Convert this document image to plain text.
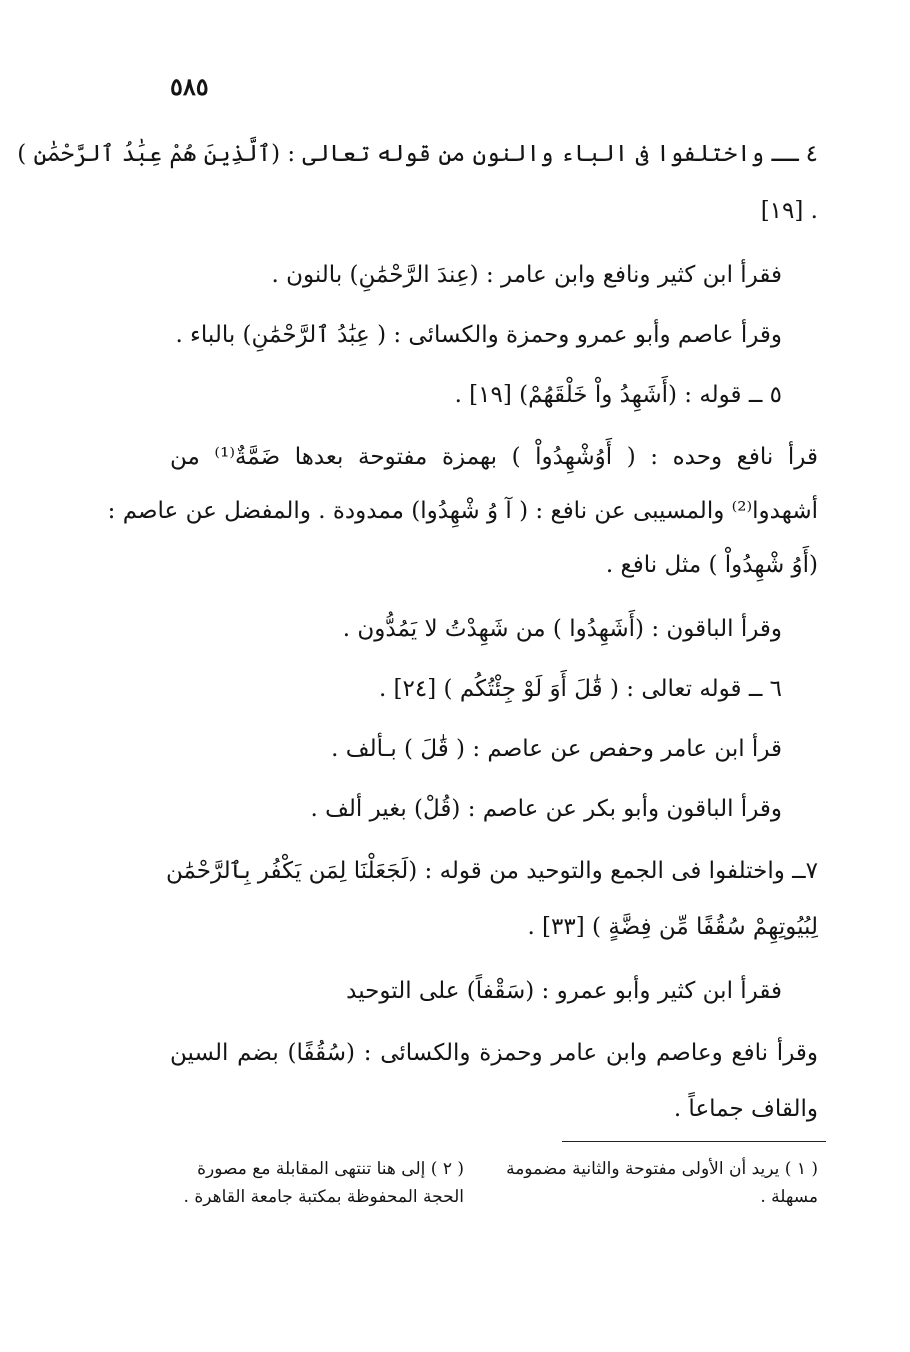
٥٨٥
٤ ــ واختلفوا فى الباء والنون من قوله تعالى : (ٱلَّذِينَ هُمْ عِبَٰدُ ٱلرَّحْمَٰنِ )
. [١٩]
فقرأ ابن كثير ونافع وابن عامر : (عِندَ الرَّحْمَٰنِ) بالنون .
وقرأ عاصم وأبو عمرو وحمزة والكسائى : ( عِبَٰدُ ٱلرَّحْمَٰنِ) بالباء .
٥ ــ قوله : (أَشَهِدُ واْ خَلْقَهُمْ) [١٩] .
قرأ نافع وحده : ( أَوُشْهِدُواْ ) بهمزة مفتوحة بعدها ضَمَّةٌ⁽¹⁾ من
أشهدوا⁽²⁾ والمسيبى عن نافع : ( آ وُ شْهِدُوا) ممدودة . والمفضل عن عاصم :
(أَوُ شْهِدُواْ ) مثل نافع .
وقرأ الباقون : (أَشَهِدُوا ) من شَهِدْتُ لا يَمُدُّون .
٦ ــ قوله تعالى : ( قَٰلَ أَوَ لَوْ جِئْتُكُم ) [٢٤] .
قرأ ابن عامر وحفص عن عاصم : ( قَٰلَ ) بـألف .
وقرأ الباقون وأبو بكر عن عاصم : (قُلْ) بغير ألف .
٧ــ واختلفوا فى الجمع والتوحيد من قوله : (لَجَعَلْنَا لِمَن يَكْفُر بِٱلرَّحْمَٰن
لِبُيُوتِهِمْ سُقُفًا مِّن فِضَّةٍ ) [٣٣] .
فقرأ ابن كثير وأبو عمرو : (سَقْفاً) على التوحيد
وقرأ نافع وعاصم وابن عامر وحمزة والكسائى : (سُقُفًا) بضم السين
والقاف جماعاً .
( ١ ) يريد أن الأولى مفتوحة والثانية مضمومة
مسهلة .
( ٢ ) إلى هنا تنتهى المقابلة مع مصورة
الحجة المحفوظة بمكتبة جامعة القاهرة .
